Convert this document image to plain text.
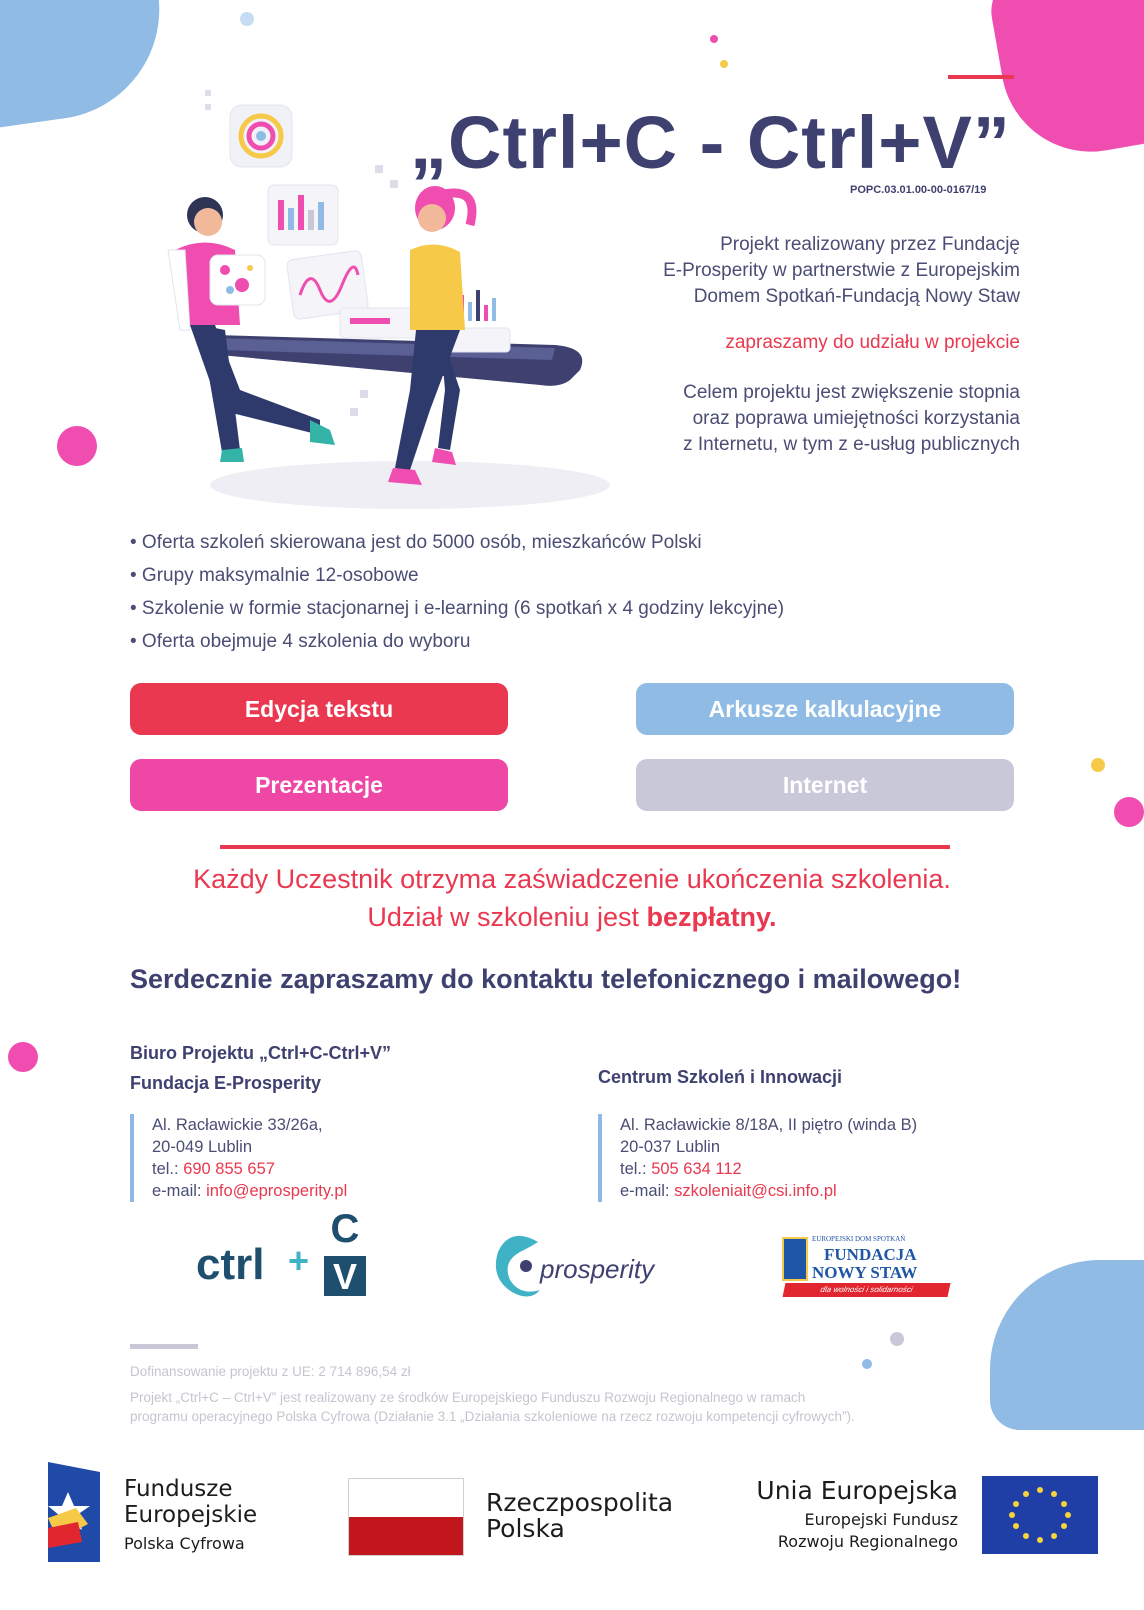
„Ctrl+C - Ctrl+V”
POPC.03.01.00-00-0167/19
Projekt realizowany przez Fundację
E-Prosperity w partnerstwie z Europejskim
Domem Spotkań-Fundacją Nowy Staw
zapraszamy do udziału w projekcie
Celem projektu jest zwiększenie stopnia
oraz poprawa umiejętności korzystania
z Internetu, w tym z e-usług publicznych
• Oferta szkoleń skierowana jest do 5000 osób, mieszkańców Polski
• Grupy maksymalnie 12-osobowe
• Szkolenie w formie stacjonarnej i e-learning (6 spotkań x 4 godziny lekcyjne)
• Oferta obejmuje 4 szkolenia do wyboru
Edycja tekstu	Arkusze kalkulacyjne
Prezentacje	Internet
Każdy Uczestnik otrzyma zaświadczenie ukończenia szkolenia.
Udział w szkoleniu jest bezpłatny.
Serdecznie zapraszamy do kontaktu telefonicznego i mailowego!
Biuro Projektu „Ctrl+C-Ctrl+V”
Fundacja E-Prosperity
Al. Racławickie 33/26a,
20-049 Lublin
tel.: 690 855 657
e-mail: info@eprosperity.pl
Centrum Szkoleń i Innowacji
Al. Racławickie 8/18A, II piętro (winda B)
20-037 Lublin
tel.: 505 634 112
e-mail: szkoleniait@csi.info.pl
ctrl +
C
V	prosperity
EUROPEJSKI DOM SPOTKAŃ
FUNDACJA
NOWY STAW
dla wolności i solidarności
Dofinansowanie projektu z UE: 2 714 896,54 zł
Projekt „Ctrl+C – Ctrl+V” jest realizowany ze środków Europejskiego Funduszu Rozwoju Regionalnego w ramach
programu operacyjnego Polska Cyfrowa (Działanie 3.1 „Działania szkoleniowe na rzecz rozwoju kompetencji cyfrowych”).
Fundusze
Europejskie
Polska Cyfrowa
Rzeczpospolita
Polska
Unia Europejska
Europejski Fundusz
Rozwoju Regionalnego
